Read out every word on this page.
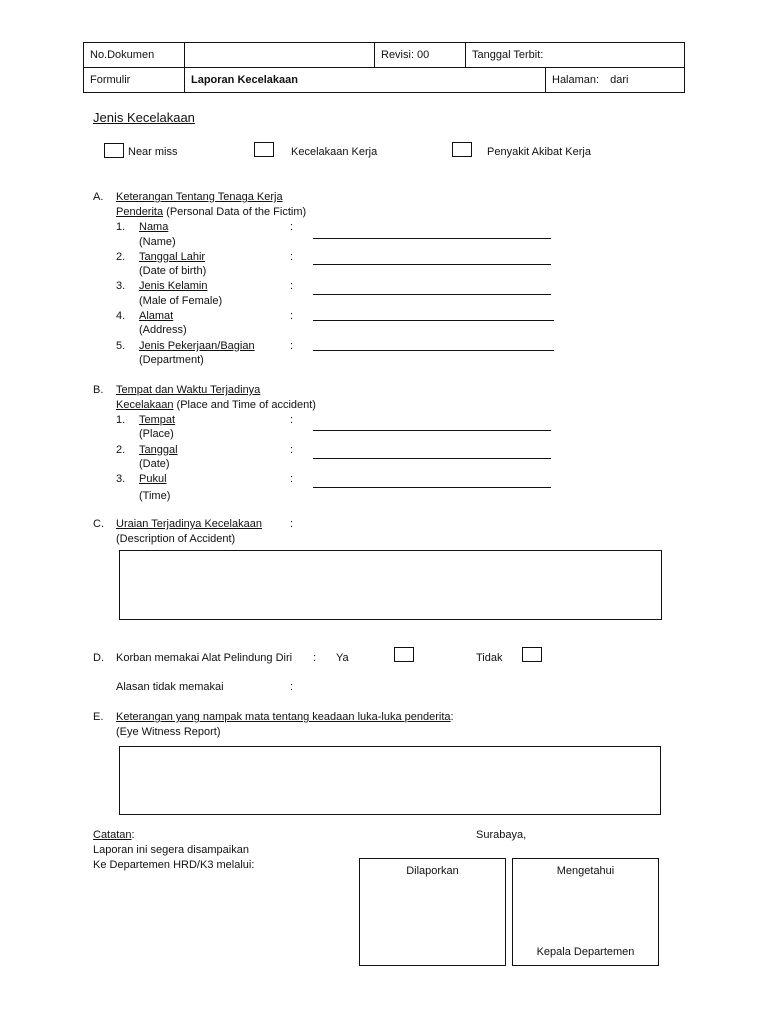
No.Dokumen		Revisi: 00	Tanggal Terbit:	
Formulir	Laporan Kecelakaan			Halaman: dari
Jenis Kecelakaan
Near miss	Kecelakaan Kerja	Penyakit Akibat Kerja
A. Keterangan Tentang Tenaga Kerja
Penderita (Personal Data of the Fictim)
1. Nama
(Name)
:
2. Tanggal Lahir
(Date of birth)
:
3. Jenis Kelamin
(Male of Female)
:
4. Alamat
(Address)
:
5. Jenis Pekerjaan/Bagian
(Department)
:
B. Tempat dan Waktu Terjadinya
Kecelakaan (Place and Time of accident)
1. Tempat
(Place)
:
2. Tanggal
(Date)
:
3. Pukul
(Time)
:
C. Uraian Terjadinya Kecelakaan	:
(Description of Accident)
D. Korban memakai Alat Pelindung Diri : Ya	Tidak
Alasan tidak memakai	:
E. Keterangan yang nampak mata tentang keadaan luka-luka penderita:
(Eye Witness Report)
Catatan:
Laporan ini segera disampaikan
Ke Departemen HRD/K3 melalui:
Surabaya,
Dilaporkan	Mengetahui
Kepala Departemen
